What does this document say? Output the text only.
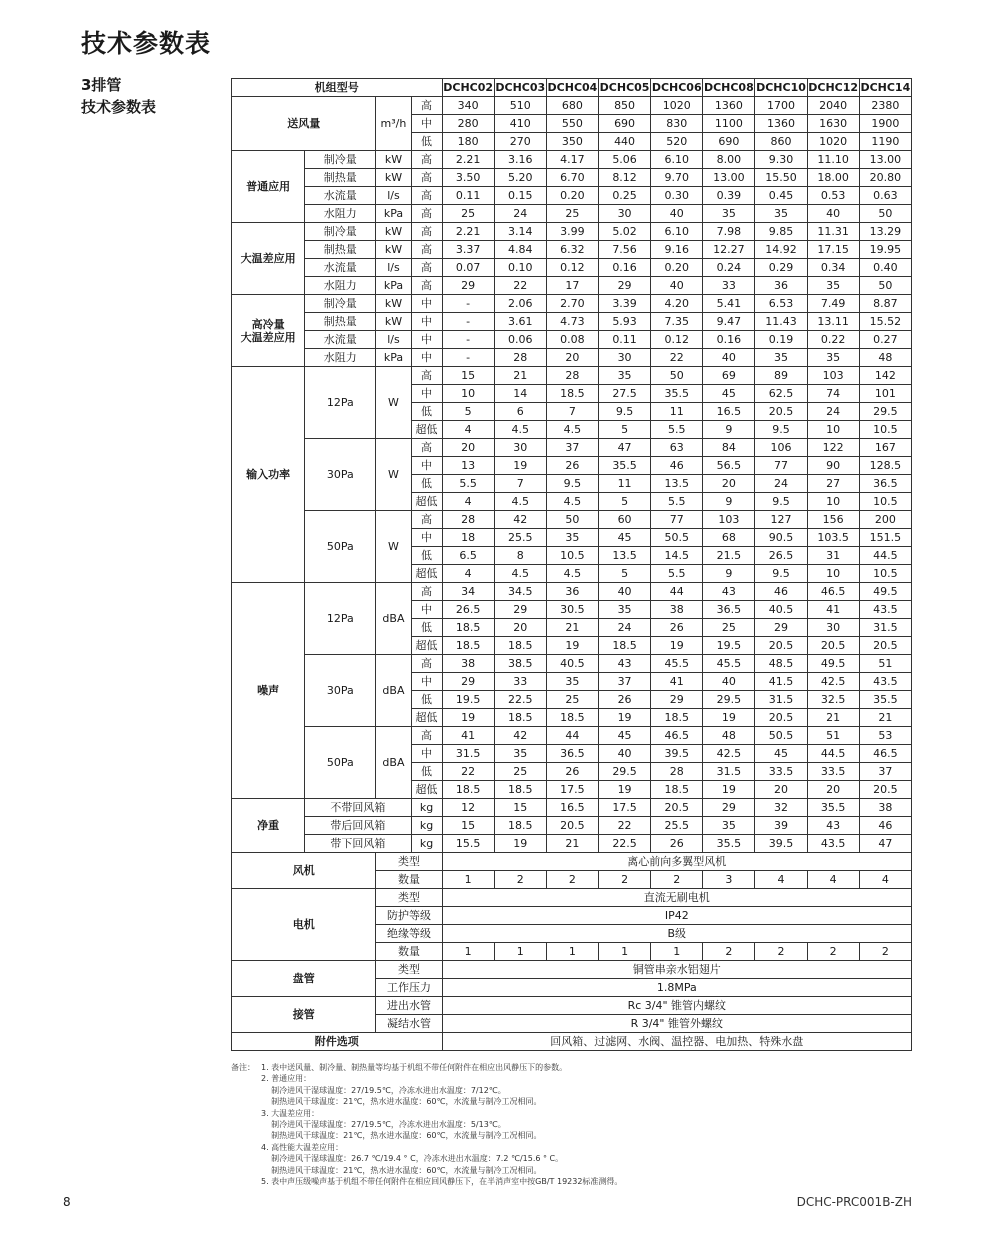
技术参数表
3排管
技术参数表
机组型号				DCHC02	DCHC03	DCHC04	DCHC05	DCHC06	DCHC08	DCHC10	DCHC12	DCHC14
送风量		m³/h	高	340	510	680	850	1020	1360	1700	2040	2380
			中	280	410	550	690	830	1100	1360	1630	1900
			低	180	270	350	440	520	690	860	1020	1190
普通应用	制冷量	kW	高	2.21	3.16	4.17	5.06	6.10	8.00	9.30	11.10	13.00
	制热量	kW	高	3.50	5.20	6.70	8.12	9.70	13.00	15.50	18.00	20.80
	水流量	l/s	高	0.11	0.15	0.20	0.25	0.30	0.39	0.45	0.53	0.63
	水阻力	kPa	高	25	24	25	30	40	35	35	40	50
大温差应用	制冷量	kW	高	2.21	3.14	3.99	5.02	6.10	7.98	9.85	11.31	13.29
	制热量	kW	高	3.37	4.84	6.32	7.56	9.16	12.27	14.92	17.15	19.95
	水流量	l/s	高	0.07	0.10	0.12	0.16	0.20	0.24	0.29	0.34	0.40
	水阻力	kPa	高	29	22	17	29	40	33	36	35	50
高冷量
大温差应用	制冷量	kW	中	-	2.06	2.70	3.39	4.20	5.41	6.53	7.49	8.87
	制热量	kW	中	-	3.61	4.73	5.93	7.35	9.47	11.43	13.11	15.52
	水流量	l/s	中	-	0.06	0.08	0.11	0.12	0.16	0.19	0.22	0.27
	水阻力	kPa	中	-	28	20	30	22	40	35	35	48
输入功率	12Pa	W	高	15	21	28	35	50	69	89	103	142
			中	10	14	18.5	27.5	35.5	45	62.5	74	101
			低	5	6	7	9.5	11	16.5	20.5	24	29.5
			超低	4	4.5	4.5	5	5.5	9	9.5	10	10.5
	30Pa	W	高	20	30	37	47	63	84	106	122	167
			中	13	19	26	35.5	46	56.5	77	90	128.5
			低	5.5	7	9.5	11	13.5	20	24	27	36.5
			超低	4	4.5	4.5	5	5.5	9	9.5	10	10.5
	50Pa	W	高	28	42	50	60	77	103	127	156	200
			中	18	25.5	35	45	50.5	68	90.5	103.5	151.5
			低	6.5	8	10.5	13.5	14.5	21.5	26.5	31	44.5
			超低	4	4.5	4.5	5	5.5	9	9.5	10	10.5
噪声	12Pa	dBA	高	34	34.5	36	40	44	43	46	46.5	49.5
			中	26.5	29	30.5	35	38	36.5	40.5	41	43.5
			低	18.5	20	21	24	26	25	29	30	31.5
			超低	18.5	18.5	19	18.5	19	19.5	20.5	20.5	20.5
	30Pa	dBA	高	38	38.5	40.5	43	45.5	45.5	48.5	49.5	51
			中	29	33	35	37	41	40	41.5	42.5	43.5
			低	19.5	22.5	25	26	29	29.5	31.5	32.5	35.5
			超低	19	18.5	18.5	19	18.5	19	20.5	21	21
	50Pa	dBA	高	41	42	44	45	46.5	48	50.5	51	53
			中	31.5	35	36.5	40	39.5	42.5	45	44.5	46.5
			低	22	25	26	29.5	28	31.5	33.5	33.5	37
			超低	18.5	18.5	17.5	19	18.5	19	20	20	20.5
净重	不带回风箱		kg	12	15	16.5	17.5	20.5	29	32	35.5	38
	带后回风箱		kg	15	18.5	20.5	22	25.5	35	39	43	46
	带下回风箱		kg	15.5	19	21	22.5	26	35.5	39.5	43.5	47
风机		类型		离心前向多翼型风机								
		数量		1	2	2	2	2	3	4	4	4
电机		类型		直流无刷电机								
		防护等级		IP42								
		绝缘等级		B级								
		数量		1	1	1	1	1	2	2	2	2
盘管		类型		铜管串亲水铝翅片								
		工作压力		1.8MPa								
接管		进出水管		Rc 3/4" 锥管内螺纹								
		凝结水管		R 3/4" 锥管外螺纹								
附件选项				回风箱、过滤网、水阀、温控器、电加热、特殊水盘								
备注： 1. 表中送风量、制冷量、制热量等均基于机组不带任何附件在相应出风静压下的参数。
2. 普通应用：
制冷进风干湿球温度：27/19.5℃，冷冻水进出水温度：7/12℃。
制热进风干球温度：21℃，热水进水温度：60℃，水流量与制冷工况相同。
3. 大温差应用：
制冷进风干湿球温度：27/19.5℃，冷冻水进出水温度：5/13℃。
制热进风干球温度：21℃，热水进水温度：60℃，水流量与制冷工况相同。
4. 高性能大温差应用：
制冷进风干湿球温度：26.7 ℃/19.4 ° C，冷冻水进出水温度：7.2 ℃/15.6 ° C。
制热进风干球温度：21℃，热水进水温度：60℃，水流量与制冷工况相同。
5. 表中声压级噪声基于机组不带任何附件在相应回风静压下，在半消声室中按GB/T 19232标准测得。
8	DCHC-PRC001B-ZH
